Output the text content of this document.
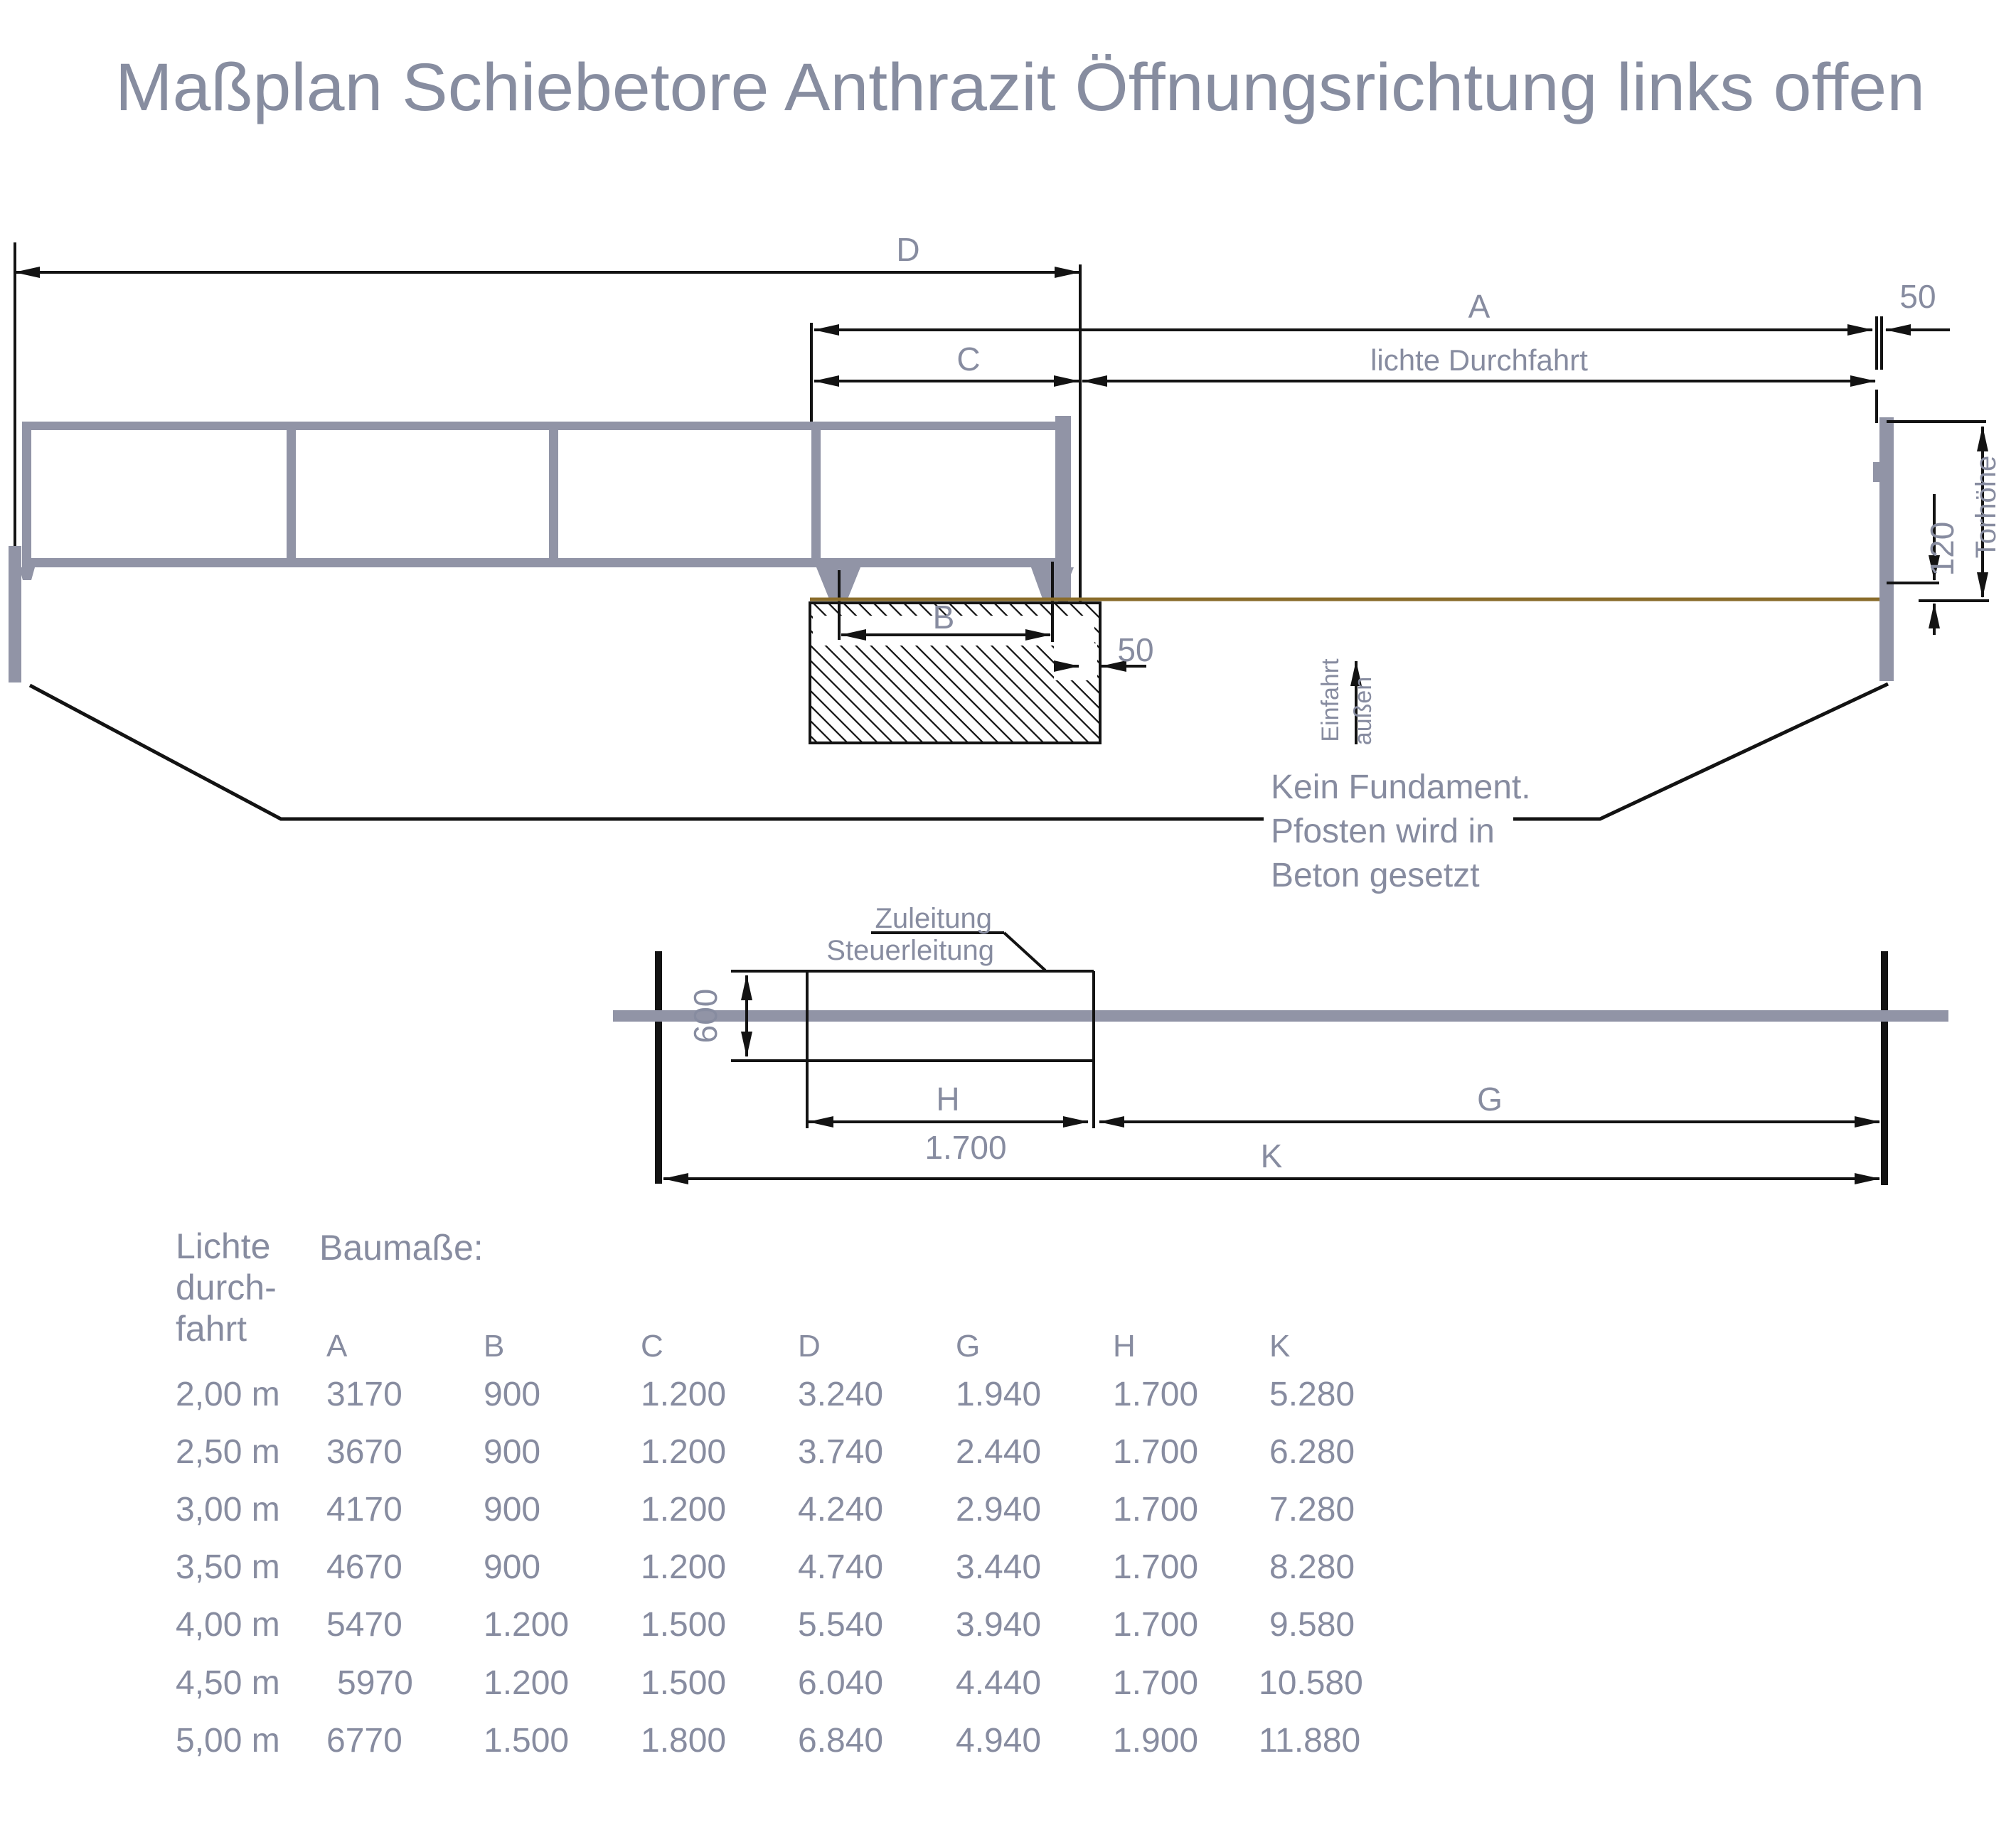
Maßplan Schiebetore Anthrazit Öffnungsrichtung links offen
D
A
C	lichte Durchfahrt
50
B
50
Torhöhe
120
Einfahrt außen
Kein Fundament.
Pfosten wird in
Beton gesetzt
600
Zuleitung
Steuerleitung
H
1.700
G
K
Lichte
durch-
fahrt
Baumaße:
A	B	C	D	G	H	K
2,00 m 3170 900	1.200 3.240 1.940 1.700 5.280
2,50 m 3670 900	1.200 3.740 2.440 1.700 6.280
3,00 m 4170 900	1.200 4.240 2.940 1.700 7.280
3,50 m 4670 900	1.200 4.740 3.440 1.700 8.280
4,00 m 5470 1.200 1.500 5.540 3.940 1.700 9.580
4,50 m 5970 1.200 1.500 6.040 4.440 1.700 10.580
5,00 m 6770 1.500 1.800 6.840 4.940 1.900 11.880
